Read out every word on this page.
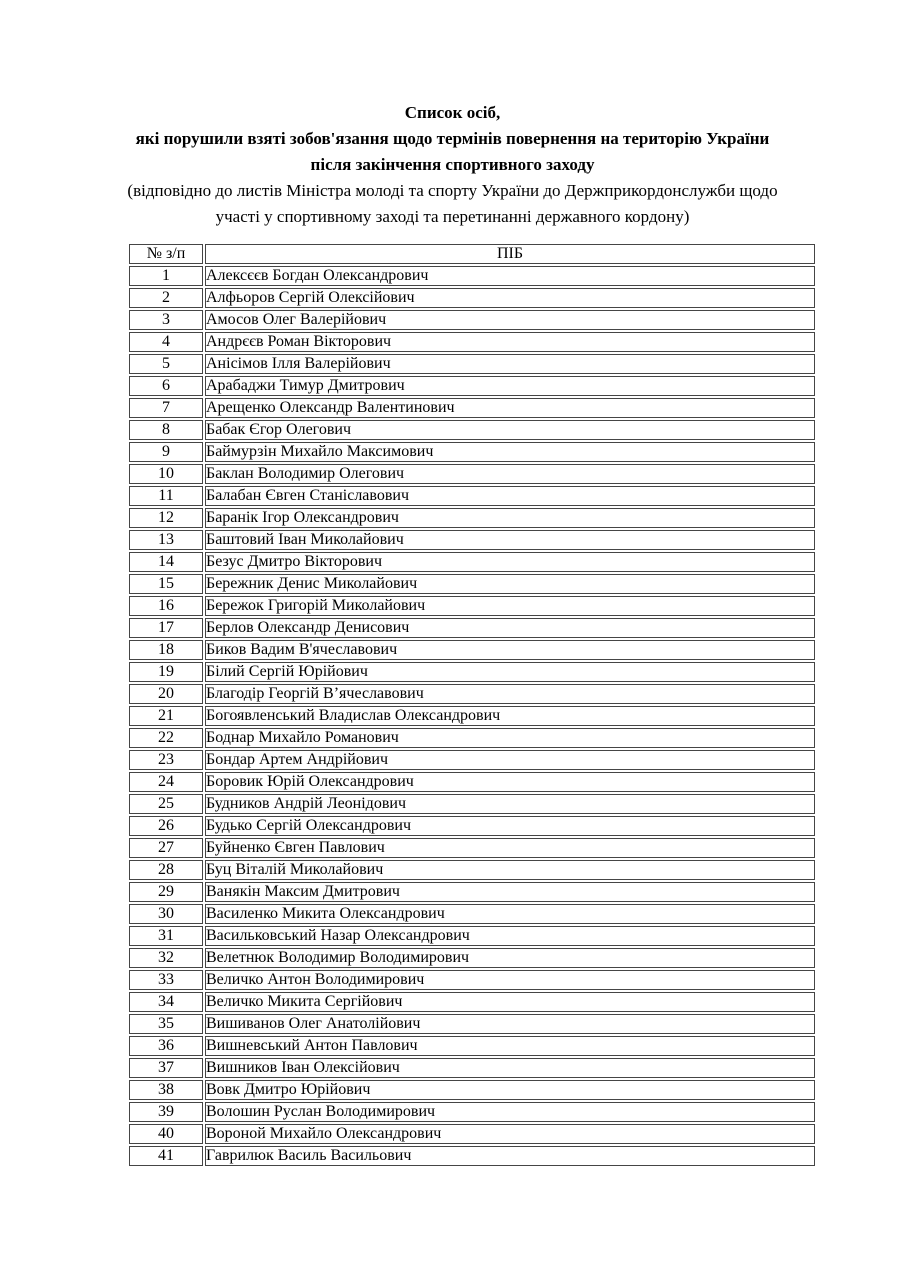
Список осіб,
які порушили взяті зобов'язання щодо термінів повернення на територію України
після закінчення спортивного заходу
(відповідно до листів Міністра молоді та спорту України до Держприкордонслужби щодо
участі у спортивному заході та перетинанні державного кордону)
№ з/п	ПІБ
1	Алексєєв Богдан Олександрович
2	Алфьоров Сергій Олексійович
3	Амосов Олег Валерійович
4	Андрєєв Роман Вікторович
5	Анісімов Ілля Валерійович
6	Арабаджи Тимур Дмитрович
7	Арещенко Олександр Валентинович
8	Бабак Єгор Олегович
9	Баймурзін Михайло Максимович
10	Баклан Володимир Олегович
11	Балабан Євген Станіславович
12	Баранік Ігор Олександрович
13	Баштовий Іван Миколайович
14	Безус Дмитро Вікторович
15	Бережник Денис Миколайович
16	Бережок Григорій Миколайович
17	Берлов Олександр Денисович
18	Биков Вадим В'ячеславович
19	Білий Сергій Юрійович
20	Благодір Георгій В’ячеславович
21	Богоявленський Владислав Олександрович
22	Боднар Михайло Романович
23	Бондар Артем Андрійович
24	Боровик Юрій Олександрович
25	Будников Андрій Леонідович
26	Будько Сергій Олександрович
27	Буйненко Євген Павлович
28	Буц Віталій Миколайович
29	Ванякін Максим Дмитрович
30	Василенко Микита Олександрович
31	Васильковський Назар Олександрович
32	Велетнюк Володимир Володимирович
33	Величко Антон Володимирович
34	Величко Микита Сергійович
35	Вишиванов Олег Анатолійович
36	Вишневський Антон Павлович
37	Вишников Іван Олексійович
38	Вовк Дмитро Юрійович
39	Волошин Руслан Володимирович
40	Вороной Михайло Олександрович
41	Гаврилюк Василь Васильович
